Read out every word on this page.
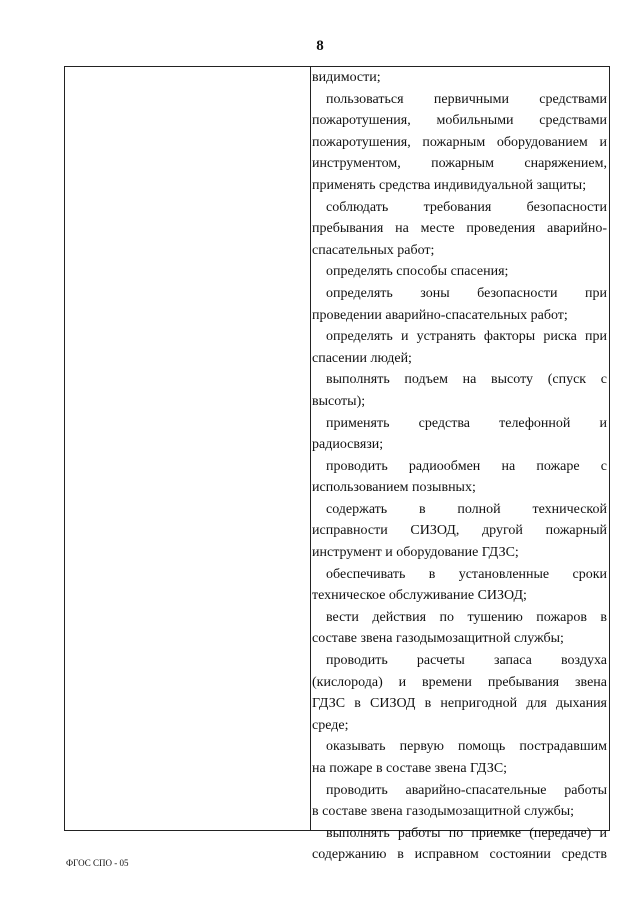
8
видимости;
пользоваться первичными средствами
пожаротушения, мобильными средствами
пожаротушения, пожарным оборудованием и
инструментом, пожарным снаряжением,
применять средства индивидуальной защиты;
соблюдать требования безопасности
пребывания на месте проведения аварийно-
спасательных работ;
определять способы спасения;
определять зоны безопасности при
проведении аварийно-спасательных работ;
определять и устранять факторы риска при
спасении людей;
выполнять подъем на высоту (спуск с
высоты);
применять средства телефонной и
радиосвязи;
проводить радиообмен на пожаре с
использованием позывных;
содержать в полной технической
исправности СИЗОД, другой пожарный
инструмент и оборудование ГДЗС;
обеспечивать в установленные сроки
техническое обслуживание СИЗОД;
вести действия по тушению пожаров в
составе звена газодымозащитной службы;
проводить расчеты запаса воздуха
(кислорода) и времени пребывания звена
ГДЗС в СИЗОД в непригодной для дыхания
среде;
оказывать первую помощь пострадавшим
на пожаре в составе звена ГДЗС;
проводить аварийно-спасательные работы
в составе звена газодымозащитной службы;
выполнять работы по приемке (передаче) и
содержанию в исправном состоянии средств
ФГОС СПО - 05
